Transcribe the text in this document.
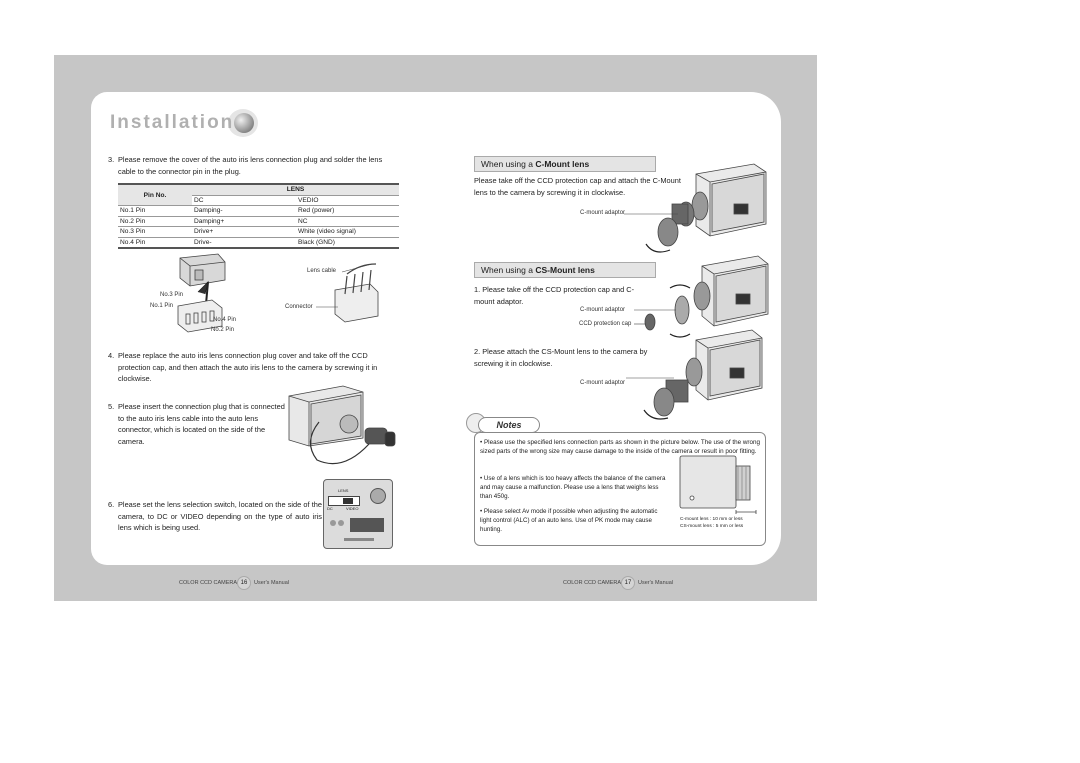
Installation
3. Please remove the cover of the auto iris lens connection plug and solder the lens cable to the connector pin in the plug.
Pin No.	LENS	
	DC	VEDIO
No.1 Pin	Damping-	Red (power)
No.2 Pin	Damping+	NC
No.3 Pin	Drive+	White (video signal)
No.4 Pin	Drive-	Black (GND)
No.3 Pin
No.1 Pin
No.4 Pin
No.2 Pin
Lens cable
Connector
4. Please replace the auto iris lens connection plug cover and take off the CCD protection cap, and then attach the auto iris lens to the camera by screwing it in clockwise.
5. Please insert the connection plug that is connected to the auto iris lens cable into the auto lens connector, which is located on the side of the camera.
6. Please set the lens selection switch, located on the side of the camera, to DC or VIDEO depending on the type of auto iris lens which is being used.
LENS
DC	VIDEO
COLOR CCD CAMERA 16	User's Manual
When using a C-Mount lens
Please take off the CCD protection cap and attach the C-Mount lens to the camera by screwing it in clockwise.
C-mount adaptor
When using a CS-Mount lens
1. Please take off the CCD protection cap and C-mount adaptor.
C-mount adaptor
CCD protection cap
2. Please attach the CS-Mount lens to the camera by screwing it in clockwise.
C-mount adaptor
Notes
• Please use the specified lens connection parts as shown in the picture below. The use of the wrong sized parts of the wrong size may cause damage to the inside of the camera or result in poor fitting.
• Use of a lens which is too heavy affects the balance of the camera and may cause a malfunction. Please use a lens that weighs less than 450g.
• Please select Av mode if possible when adjusting the automatic light control (ALC) of an auto lens. Use of PK mode may cause hunting.
C-mount lens : 10 mm or less
CS-mount lens : 5 mm or less
COLOR CCD CAMERA 17	User's Manual
